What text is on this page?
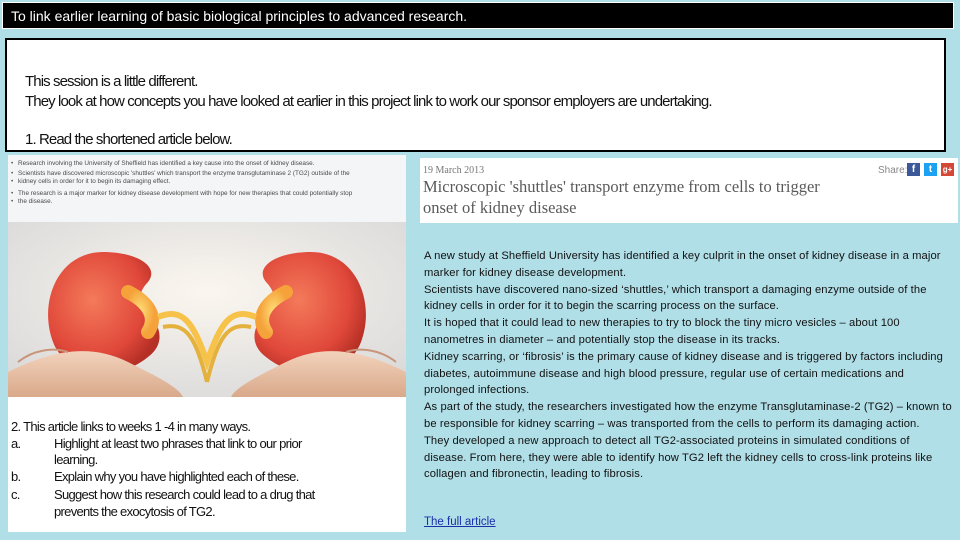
To link earlier learning of basic biological principles to advanced research.
This session is a little different.
They look at how concepts you have looked at earlier in this project link to work our sponsor employers are undertaking.
1. Read the shortened article below.
• Research involving the University of Sheffield has identified a key cause into the onset of kidney disease.
• Scientists have discovered microscopic 'shuttles' which transport the enzyme transglutaminase 2 (TG2) outside of the
• kidney cells in order for it to begin its damaging effect.
• The research is a major marker for kidney disease development with hope for new therapies that could potentially stop
• the disease.
2. This article links to weeks 1 -4 in many ways.
a.	Highlight at least two phrases that link to our prior
learning.
b.	Explain why you have highlighted each of these.
c.	Suggest how this research could lead to a drug that
prevents the exocytosis of TG2.
19 March 2013	Share: f	t	g+
Microscopic 'shuttles' transport enzyme from cells to trigger
onset of kidney disease

A new study at Sheffield University has identified a key culprit in the onset of kidney disease in a major marker for kidney disease development.

Scientists have discovered nano-sized ‘shuttles,’ which transport a damaging enzyme outside of the kidney cells in order for it to begin the scarring process on the surface.

It is hoped that it could lead to new therapies to try to block the tiny micro vesicles – about 100 nanometres in diameter – and potentially stop the disease in its tracks.

Kidney scarring, or ‘fibrosis’ is the primary cause of kidney disease and is triggered by factors including diabetes, autoimmune disease and high blood pressure, regular use of certain medications and prolonged infections.

As part of the study, the researchers investigated how the enzyme Transglutaminase-2 (TG2) – known to be responsible for kidney scarring – was transported from the cells to perform its damaging action.

They developed a new approach to detect all TG2-associated proteins in simulated conditions of disease. From here, they were able to identify how TG2 left the kidney cells to cross-link proteins like collagen and fibronectin, leading to fibrosis.

The full article
